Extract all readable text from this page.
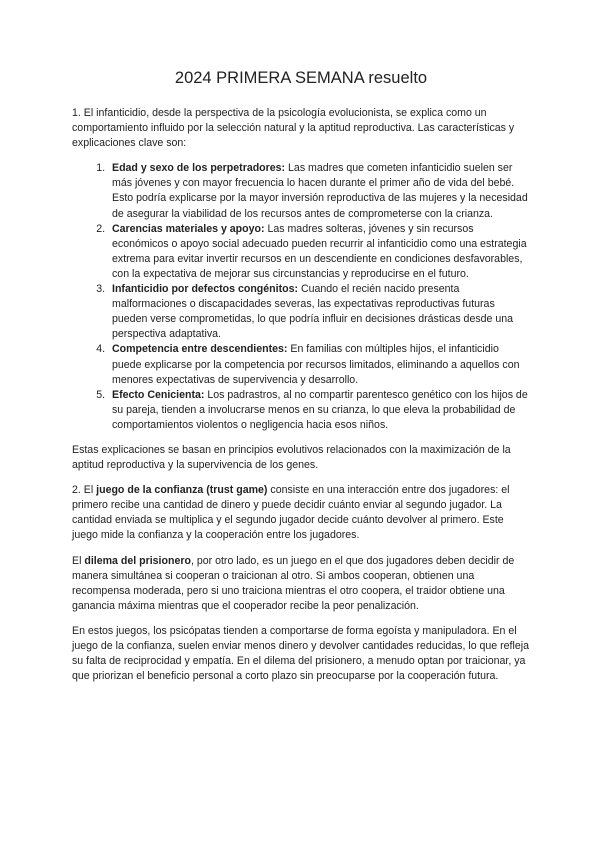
2024 PRIMERA SEMANA resuelto

1. El infanticidio, desde la perspectiva de la psicología evolucionista, se explica como un comportamiento influido por la selección natural y la aptitud reproductiva. Las características y explicaciones clave son:

1. Edad y sexo de los perpetradores: Las madres que cometen infanticidio suelen ser más jóvenes y con mayor frecuencia lo hacen durante el primer año de vida del bebé. Esto podría explicarse por la mayor inversión reproductiva de las mujeres y la necesidad de asegurar la viabilidad de los recursos antes de comprometerse con la crianza.
2. Carencias materiales y apoyo: Las madres solteras, jóvenes y sin recursos económicos o apoyo social adecuado pueden recurrir al infanticidio como una estrategia extrema para evitar invertir recursos en un descendiente en condiciones desfavorables, con la expectativa de mejorar sus circunstancias y reproducirse en el futuro.
3. Infanticidio por defectos congénitos: Cuando el recién nacido presenta malformaciones o discapacidades severas, las expectativas reproductivas futuras pueden verse comprometidas, lo que podría influir en decisiones drásticas desde una perspectiva adaptativa.
4. Competencia entre descendientes: En familias con múltiples hijos, el infanticidio puede explicarse por la competencia por recursos limitados, eliminando a aquellos con menores expectativas de supervivencia y desarrollo.
5. Efecto Cenicienta: Los padrastros, al no compartir parentesco genético con los hijos de su pareja, tienden a involucrarse menos en su crianza, lo que eleva la probabilidad de comportamientos violentos o negligencia hacia esos niños.

Estas explicaciones se basan en principios evolutivos relacionados con la maximización de la aptitud reproductiva y la supervivencia de los genes.

2. El juego de la confianza (trust game) consiste en una interacción entre dos jugadores: el primero recibe una cantidad de dinero y puede decidir cuánto enviar al segundo jugador. La cantidad enviada se multiplica y el segundo jugador decide cuánto devolver al primero. Este juego mide la confianza y la cooperación entre los jugadores.

El dilema del prisionero, por otro lado, es un juego en el que dos jugadores deben decidir de manera simultánea si cooperan o traicionan al otro. Si ambos cooperan, obtienen una recompensa moderada, pero si uno traiciona mientras el otro coopera, el traidor obtiene una ganancia máxima mientras que el cooperador recibe la peor penalización.

En estos juegos, los psicópatas tienden a comportarse de forma egoísta y manipuladora. En el juego de la confianza, suelen enviar menos dinero y devolver cantidades reducidas, lo que refleja su falta de reciprocidad y empatía. En el dilema del prisionero, a menudo optan por traicionar, ya que priorizan el beneficio personal a corto plazo sin preocuparse por la cooperación futura.
